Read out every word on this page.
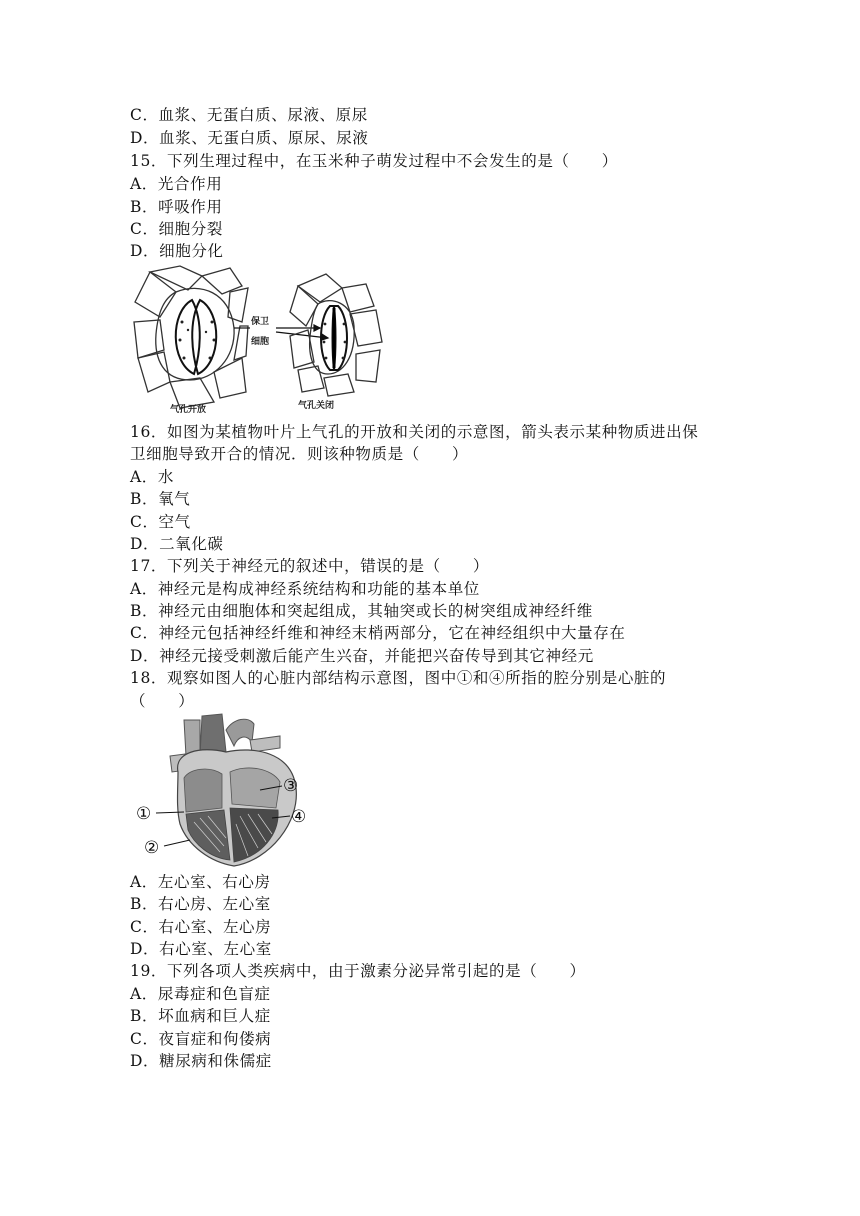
C．血浆、无蛋白质、尿液、原尿
D．血浆、无蛋白质、原尿、尿液
15．下列生理过程中，在玉米种子萌发过程中不会发生的是（　　）
A．光合作用
B．呼吸作用
C．细胞分裂
D．细胞分化
保卫
细胞
气孔开放	气孔关闭
16．如图为某植物叶片上气孔的开放和关闭的示意图，箭头表示某种物质进出保
卫细胞导致开合的情况．则该种物质是（　　）
A．水
B．氧气
C．空气
D．二氧化碳
17．下列关于神经元的叙述中，错误的是（　　）
A．神经元是构成神经系统结构和功能的基本单位
B．神经元由细胞体和突起组成，其轴突或长的树突组成神经纤维
C．神经元包括神经纤维和神经末梢两部分，它在神经组织中大量存在
D．神经元接受刺激后能产生兴奋，并能把兴奋传导到其它神经元
18．观察如图人的心脏内部结构示意图，图中①和④所指的腔分别是心脏的
（　　）
①
②
③
④
A．左心室、右心房
B．右心房、左心室
C．右心室、左心房
D．右心室、左心室
19．下列各项人类疾病中，由于激素分泌异常引起的是（　　）
A．尿毒症和色盲症
B．坏血病和巨人症
C．夜盲症和佝偻病
D．糖尿病和侏儒症
